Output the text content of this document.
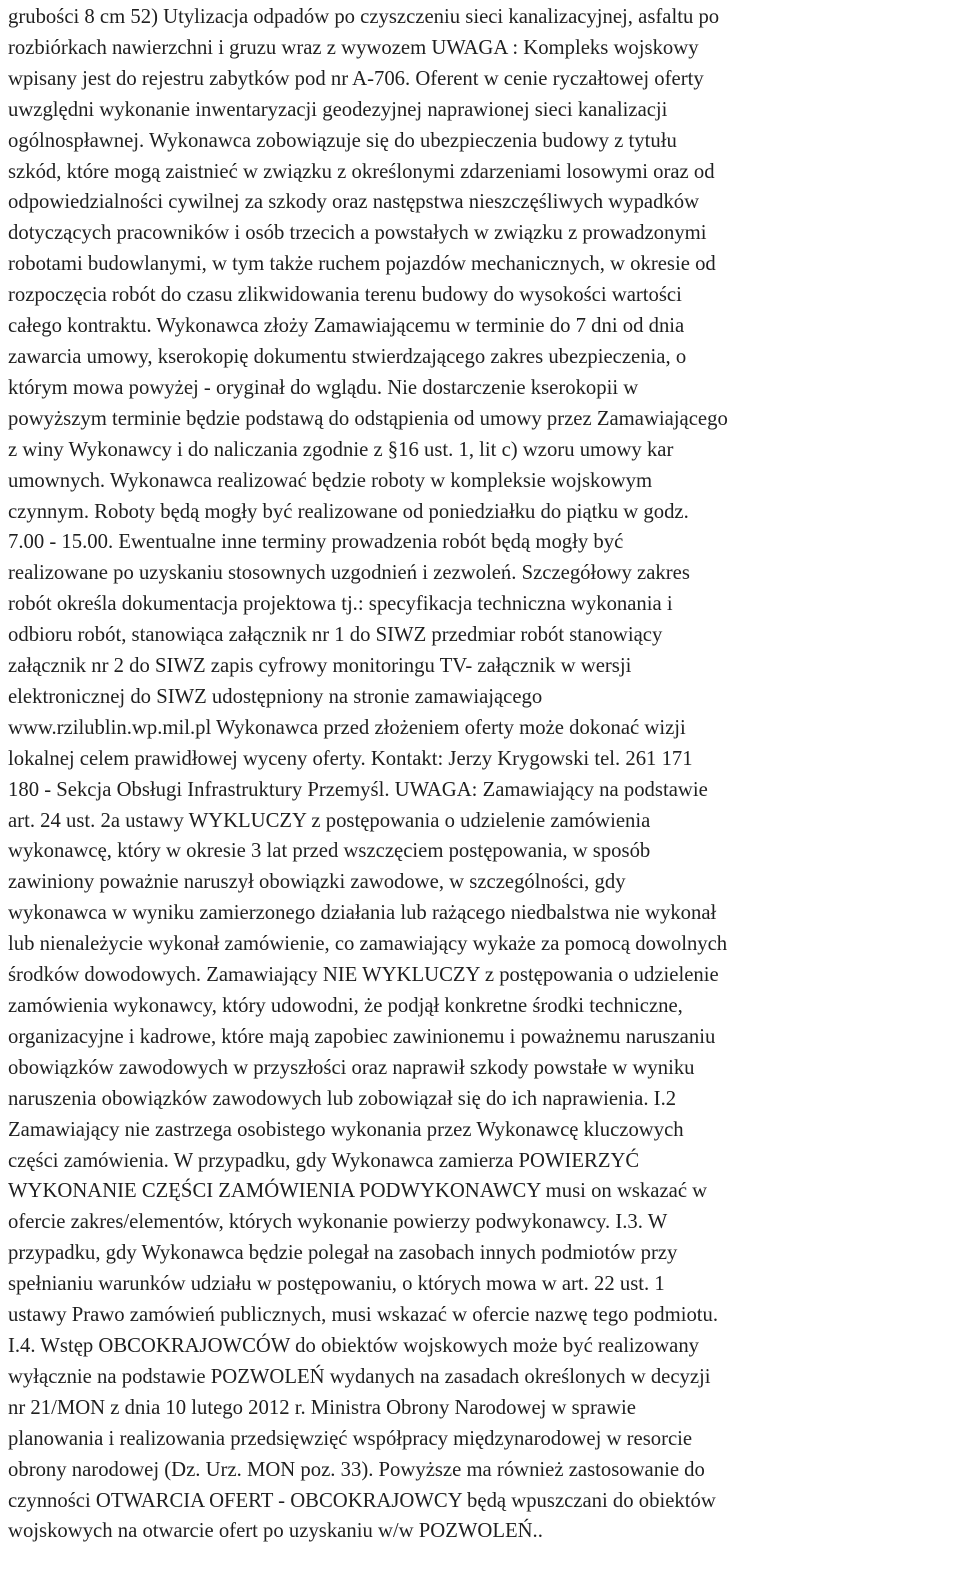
grubości 8 cm 52) Utylizacja odpadów po czyszczeniu sieci kanalizacyjnej, asfaltu po
rozbiórkach nawierzchni i gruzu wraz z wywozem UWAGA : Kompleks wojskowy
wpisany jest do rejestru zabytków pod nr A-706. Oferent w cenie ryczałtowej oferty
uwzględni wykonanie inwentaryzacji geodezyjnej naprawionej sieci kanalizacji
ogólnospławnej. Wykonawca zobowiązuje się do ubezpieczenia budowy z tytułu
szkód, które mogą zaistnieć w związku z określonymi zdarzeniami losowymi oraz od
odpowiedzialności cywilnej za szkody oraz następstwa nieszczęśliwych wypadków
dotyczących pracowników i osób trzecich a powstałych w związku z prowadzonymi
robotami budowlanymi, w tym także ruchem pojazdów mechanicznych, w okresie od
rozpoczęcia robót do czasu zlikwidowania terenu budowy do wysokości wartości
całego kontraktu. Wykonawca złoży Zamawiającemu w terminie do 7 dni od dnia
zawarcia umowy, kserokopię dokumentu stwierdzającego zakres ubezpieczenia, o
którym mowa powyżej - oryginał do wglądu. Nie dostarczenie kserokopii w
powyższym terminie będzie podstawą do odstąpienia od umowy przez Zamawiającego
z winy Wykonawcy i do naliczania zgodnie z §16 ust. 1, lit c) wzoru umowy kar
umownych. Wykonawca realizować będzie roboty w kompleksie wojskowym
czynnym. Roboty będą mogły być realizowane od poniedziałku do piątku w godz.
7.00 - 15.00. Ewentualne inne terminy prowadzenia robót będą mogły być
realizowane po uzyskaniu stosownych uzgodnień i zezwoleń. Szczegółowy zakres
robót określa dokumentacja projektowa tj.: specyfikacja techniczna wykonania i
odbioru robót, stanowiąca załącznik nr 1 do SIWZ przedmiar robót stanowiący
załącznik nr 2 do SIWZ zapis cyfrowy monitoringu TV- załącznik w wersji
elektronicznej do SIWZ udostępniony na stronie zamawiającego
www.rzilublin.wp.mil.pl Wykonawca przed złożeniem oferty może dokonać wizji
lokalnej celem prawidłowej wyceny oferty. Kontakt: Jerzy Krygowski tel. 261 171
180 - Sekcja Obsługi Infrastruktury Przemyśl. UWAGA: Zamawiający na podstawie
art. 24 ust. 2a ustawy WYKLUCZY z postępowania o udzielenie zamówienia
wykonawcę, który w okresie 3 lat przed wszczęciem postępowania, w sposób
zawiniony poważnie naruszył obowiązki zawodowe, w szczególności, gdy
wykonawca w wyniku zamierzonego działania lub rażącego niedbalstwa nie wykonał
lub nienależycie wykonał zamówienie, co zamawiający wykaże za pomocą dowolnych
środków dowodowych. Zamawiający NIE WYKLUCZY z postępowania o udzielenie
zamówienia wykonawcy, który udowodni, że podjął konkretne środki techniczne,
organizacyjne i kadrowe, które mają zapobiec zawinionemu i poważnemu naruszaniu
obowiązków zawodowych w przyszłości oraz naprawił szkody powstałe w wyniku
naruszenia obowiązków zawodowych lub zobowiązał się do ich naprawienia. I.2
Zamawiający nie zastrzega osobistego wykonania przez Wykonawcę kluczowych
części zamówienia. W przypadku, gdy Wykonawca zamierza POWIERZYĆ
WYKONANIE CZĘŚCI ZAMÓWIENIA PODWYKONAWCY musi on wskazać w
ofercie zakres/elementów, których wykonanie powierzy podwykonawcy. I.3. W
przypadku, gdy Wykonawca będzie polegał na zasobach innych podmiotów przy
spełnianiu warunków udziału w postępowaniu, o których mowa w art. 22 ust. 1
ustawy Prawo zamówień publicznych, musi wskazać w ofercie nazwę tego podmiotu.
I.4. Wstęp OBCOKRAJOWCÓW do obiektów wojskowych może być realizowany
wyłącznie na podstawie POZWOLEŃ wydanych na zasadach określonych w decyzji
nr 21/MON z dnia 10 lutego 2012 r. Ministra Obrony Narodowej w sprawie
planowania i realizowania przedsięwzięć współpracy międzynarodowej w resorcie
obrony narodowej (Dz. Urz. MON poz. 33). Powyższe ma również zastosowanie do
czynności OTWARCIA OFERT - OBCOKRAJOWCY będą wpuszczani do obiektów
wojskowych na otwarcie ofert po uzyskaniu w/w POZWOLEŃ..
